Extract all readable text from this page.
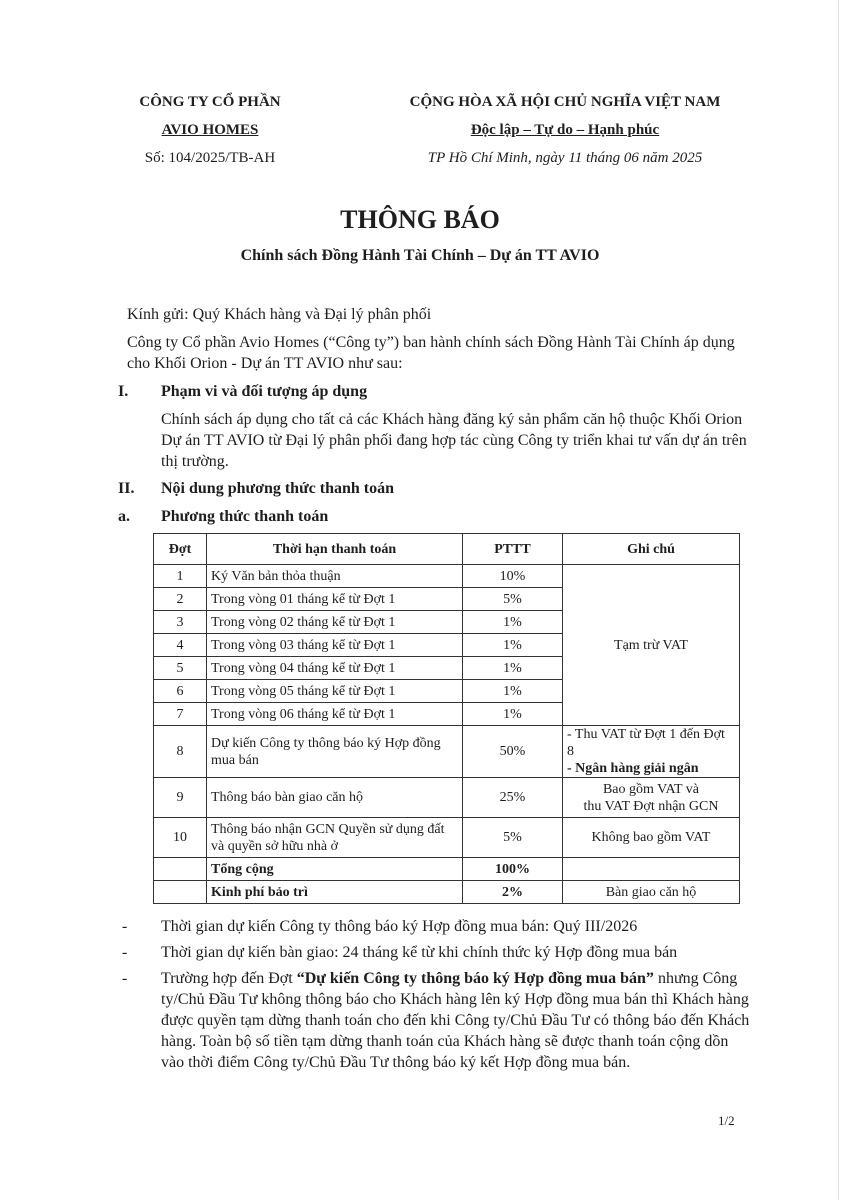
CÔNG TY CỔ PHẦN
AVIO HOMES
Số: 104/2025/TB-AH
CỘNG HÒA XÃ HỘI CHỦ NGHĨA VIỆT NAM
Độc lập – Tự do – Hạnh phúc
TP Hồ Chí Minh, ngày 11 tháng 06 năm 2025
THÔNG BÁO
Chính sách Đồng Hành Tài Chính – Dự án TT AVIO

Kính gửi: Quý Khách hàng và Đại lý phân phối

Công ty Cổ phần Avio Homes (“Công ty”) ban hành chính sách Đồng Hành Tài Chính áp dụng cho Khối Orion - Dự án TT AVIO như sau:

I. Phạm vi và đối tượng áp dụng

Chính sách áp dụng cho tất cả các Khách hàng đăng ký sản phẩm căn hộ thuộc Khối Orion Dự án TT AVIO từ Đại lý phân phối đang hợp tác cùng Công ty triển khai tư vấn dự án trên thị trường.

II. Nội dung phương thức thanh toán
a. Phương thức thanh toán
Đợt	Thời hạn thanh toán	PTTT	Ghi chú
1	Ký Văn bản thỏa thuận	10%	Tạm trừ VAT
2	Trong vòng 01 tháng kể từ Đợt 1	5%	
3	Trong vòng 02 tháng kể từ Đợt 1	1%	
4	Trong vòng 03 tháng kể từ Đợt 1	1%	
5	Trong vòng 04 tháng kể từ Đợt 1	1%	
6	Trong vòng 05 tháng kể từ Đợt 1	1%	
7	Trong vòng 06 tháng kể từ Đợt 1	1%	
8	Dự kiến Công ty thông báo ký Hợp đồng mua bán	50%	- Thu VAT từ Đợt 1 đến Đợt 8
- Ngân hàng giải ngân

9	Thông báo bàn giao căn hộ	25%	Bao gồm VAT và
thu VAT Đợt nhận GCN

10	Thông báo nhận GCN Quyền sử dụng đất và quyền sở hữu nhà ở	5%	Không bao gồm VAT
	Tổng cộng	100%	
	Kinh phí bảo trì	2%	Bàn giao căn hộ
- Thời gian dự kiến Công ty thông báo ký Hợp đồng mua bán: Quý III/2026

- Thời gian dự kiến bàn giao: 24 tháng kể từ khi chính thức ký Hợp đồng mua bán

- Trường hợp đến Đợt “Dự kiến Công ty thông báo ký Hợp đồng mua bán” nhưng Công ty/Chủ Đầu Tư không thông báo cho Khách hàng lên ký Hợp đồng mua bán thì Khách hàng được quyền tạm dừng thanh toán cho đến khi Công ty/Chủ Đầu Tư có thông báo đến Khách hàng. Toàn bộ số tiền tạm dừng thanh toán của Khách hàng sẽ được thanh toán cộng dồn vào thời điểm Công ty/Chủ Đầu Tư thông báo ký kết Hợp đồng mua bán.

1/2
